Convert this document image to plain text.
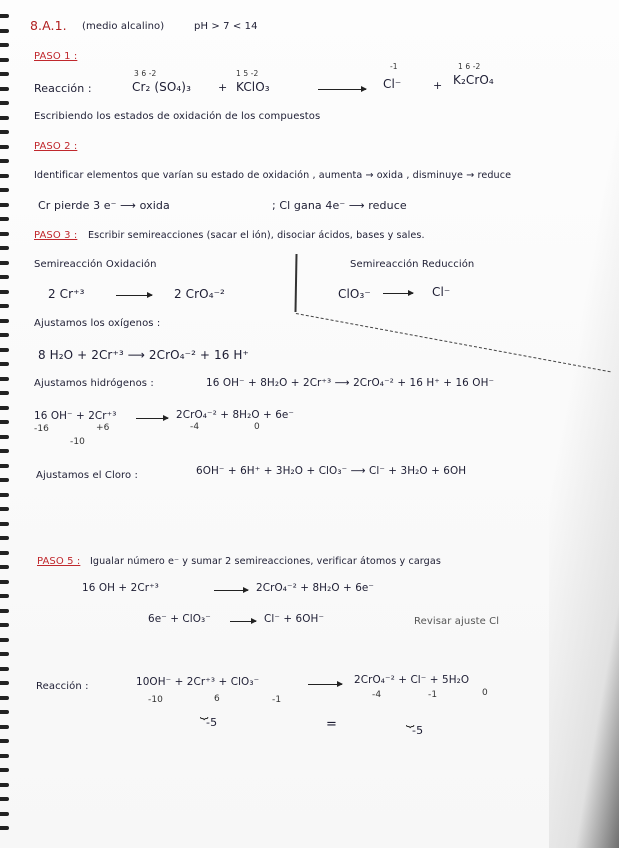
8.A.1. (medio alcalino)	pH > 7 < 14
PASO 1 :
Reacción :
3 6 -2
Cr₂ (SO₄)₃ +
1 5 -2
KClO₃
-1
Cl⁻	+
1 6 -2
K₂CrO₄
Escribiendo los estados de oxidación de los compuestos
PASO 2 :
Identificar elementos que varían su estado de oxidación , aumenta → oxida , disminuye → reduce
Cr pierde 3 e⁻ ⟶ oxida	; Cl gana 4e⁻ ⟶ reduce
PASO 3 : Escribir semireacciones (sacar el ión), disociar ácidos, bases y sales.
Semireacción Oxidación	Semireacción Reducción
2 Cr⁺³	2 CrO₄⁻²	ClO₃⁻	Cl⁻
Ajustamos los oxígenos :
8 H₂O + 2Cr⁺³ ⟶ 2CrO₄⁻² + 16 H⁺
Ajustamos hidrógenos :	16 OH⁻ + 8H₂O + 2Cr⁺³ ⟶ 2CrO₄⁻² + 16 H⁺ + 16 OH⁻
16 OH⁻ + 2Cr⁺³	2CrO₄⁻² + 8H₂O + 6e⁻
-16	+6
-10
-4	0
Ajustamos el Cloro :	6OH⁻ + 6H⁺ + 3H₂O + ClO₃⁻ ⟶ Cl⁻ + 3H₂O + 6OH
PASO 5 : Igualar número e⁻ y sumar 2 semireacciones, verificar átomos y cargas
16 OH + 2Cr⁺³	2CrO₄⁻² + 8H₂O + 6e⁻
6e⁻ + ClO₃⁻	Cl⁻ + 6OH⁻	Revisar ajuste Cl
Reacción :	10OH⁻ + 2Cr⁺³ + ClO₃⁻	2CrO₄⁻² + Cl⁻ + 5H₂O
-10	6	-1	-4	-1	0
⏟
-5	=	⏟
-5
